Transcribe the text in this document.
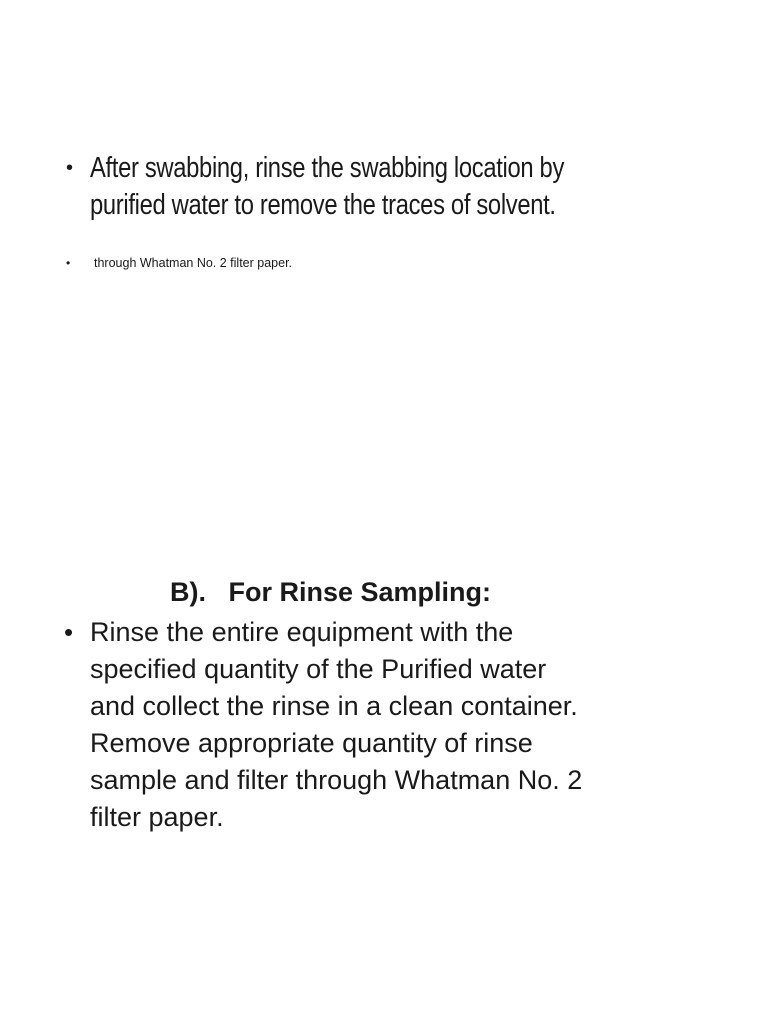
• After swabbing, rinse the swabbing location by
purified water to remove the traces of solvent.
• through Whatman No. 2 filter paper.
B).   For Rinse Sampling:
• Rinse the entire equipment with the
specified quantity of the Purified water
and collect the rinse in a clean container.
Remove appropriate quantity of rinse
sample and filter through Whatman No. 2
filter paper.
